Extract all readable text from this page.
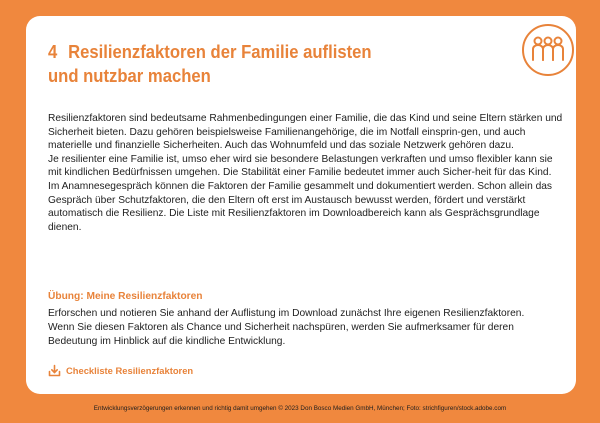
4 Resilienzfaktoren der Familie auflisten
und nutzbar machen

Resilienzfaktoren sind bedeutsame Rahmenbedingungen einer Familie, die das Kind und seine Eltern stärken und Sicherheit bieten. Dazu gehören beispielsweise Familienangehörige, die im Notfall einsprin-gen, und auch materielle und finanzielle Sicherheiten. Auch das Wohnumfeld und das soziale Netzwerk gehören dazu.

Je resilienter eine Familie ist, umso eher wird sie besondere Belastungen verkraften und umso flexibler kann sie mit kindlichen Bedürfnissen umgehen. Die Stabilität einer Familie bedeutet immer auch Sicher-heit für das Kind.

Im Anamnesegespräch können die Faktoren der Familie gesammelt und dokumentiert werden. Schon allein das Gespräch über Schutzfaktoren, die den Eltern oft erst im Austausch bewusst werden, fördert und verstärkt automatisch die Resilienz. Die Liste mit Resilienzfaktoren im Downloadbereich kann als Gesprächsgrundlage dienen.

Übung: Meine Resilienzfaktoren

Erforschen und notieren Sie anhand der Auflistung im Download zunächst Ihre eigenen Resilienzfaktoren.

Wenn Sie diesen Faktoren als Chance und Sicherheit nachspüren, werden Sie aufmerksamer für deren

Bedeutung im Hinblick auf die kindliche Entwicklung.

Checkliste Resilienzfaktoren
Entwicklungsverzögerungen erkennen und richtig damit umgehen © 2023 Don Bosco Medien GmbH, München; Foto: strichfiguren/stock.adobe.com
